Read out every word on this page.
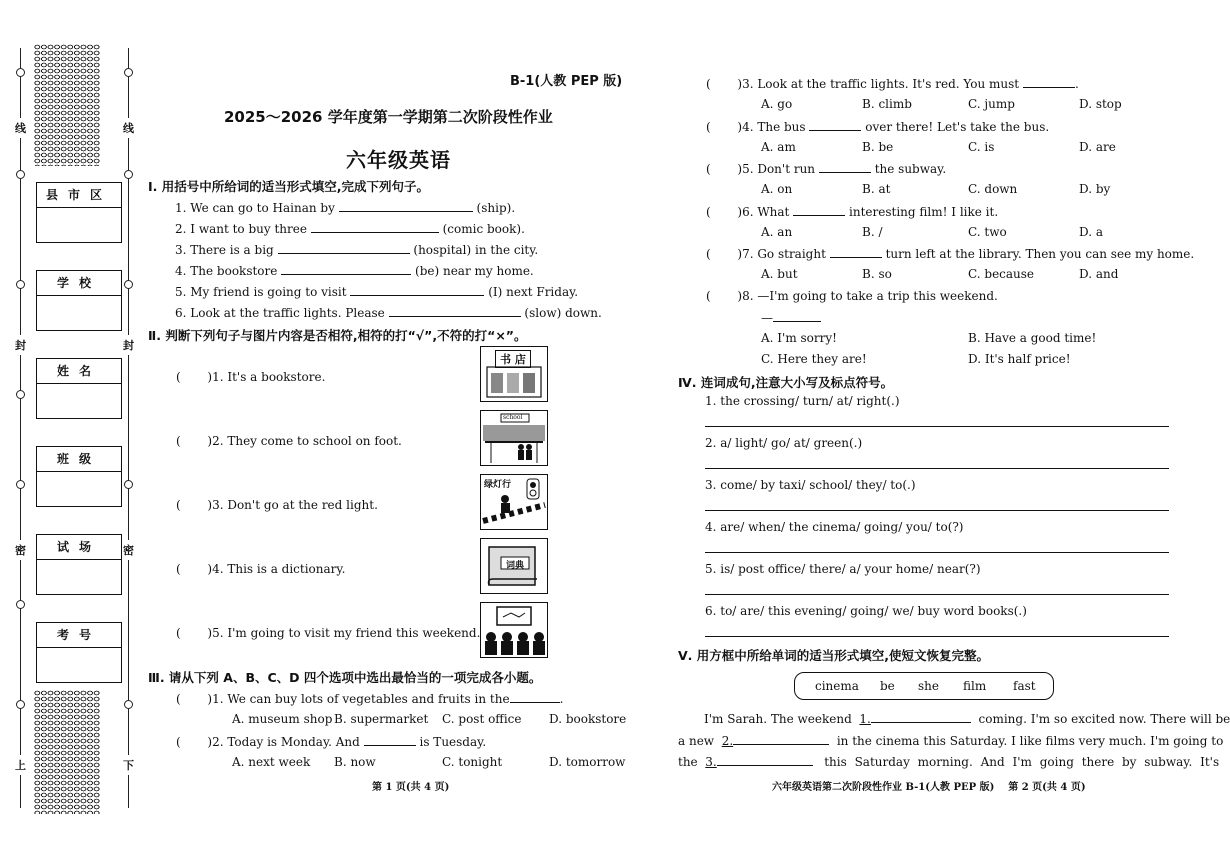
线	线
封	封
密	密
上	下
县市区
学校
姓名
班级
试场
考号
B-1(人教 PEP 版)
2025～2026 学年度第一学期第二次阶段性作业
六年级英语
Ⅰ. 用括号中所给词的适当形式填空,完成下列句子。
1. We can go to Hainan by	(ship).
2. I want to buy three	(comic book).
3. There is a big	(hospital) in the city.
4. The bookstore	(be) near my home.
5. My friend is going to visit	(I) next Friday.
6. Look at the traffic lights. Please	(slow) down.
Ⅱ. 判断下列句子与图片内容是否相符,相符的打“√”,不符的打“×”。
(       )1. It's a bookstore.
(       )2. They come to school on foot.
(       )3. Don't go at the red light.
(       )4. This is a dictionary.
(       )5. I'm going to visit my friend this weekend.
书 店
school
绿灯行
词典
Ⅲ. 请从下列 A、B、C、D 四个选项中选出最恰当的一项完成各小题。
(       )1. We can buy lots of vegetables and fruits in the	.
A. museum shop B. supermarket C. post office D. bookstore
(       )2. Today is Monday. And	is Tuesday.
A. next week B. now	C. tonight	D. tomorrow
第 1 页(共 4 页)
(       )3. Look at the traffic lights. It's red. You must	.
A. go	B. climb	C. jump	D. stop
(       )4. The bus	over there! Let's take the bus.
A. am	B. be	C. is	D. are
(       )5. Don't run	the subway.
A. on	B. at	C. down	D. by
(       )6. What	interesting film! I like it.
A. an	B. /	C. two	D. a
(       )7. Go straight	turn left at the library. Then you can see my home.
A. but	B. so	C. because	D. and
(       )8. —I'm going to take a trip this weekend.
—
A. I'm sorry!	B. Have a good time!
C. Here they are!	D. It's half price!
Ⅳ. 连词成句,注意大小写及标点符号。
1. the crossing/ turn/ at/ right(.)
2. a/ light/ go/ at/ green(.)
3. come/ by taxi/ school/ they/ to(.)
4. are/ when/ the cinema/ going/ you/ to(?)
5. is/ post office/ there/ a/ your home/ near(?)
6. to/ are/ this evening/ going/ we/ buy word books(.)
Ⅴ. 用方框中所给单词的适当形式填空,使短文恢复完整。
cinema be she film fast
I'm Sarah. The weekend 1.	coming. I'm so excited now. There will be
a new 2.	in the cinema this Saturday. I like films very much. I'm going to
the 3.	this Saturday morning. And I'm going there by subway. It's
六年级英语第二次阶段性作业 B-1(人教 PEP 版)    第 2 页(共 4 页)
